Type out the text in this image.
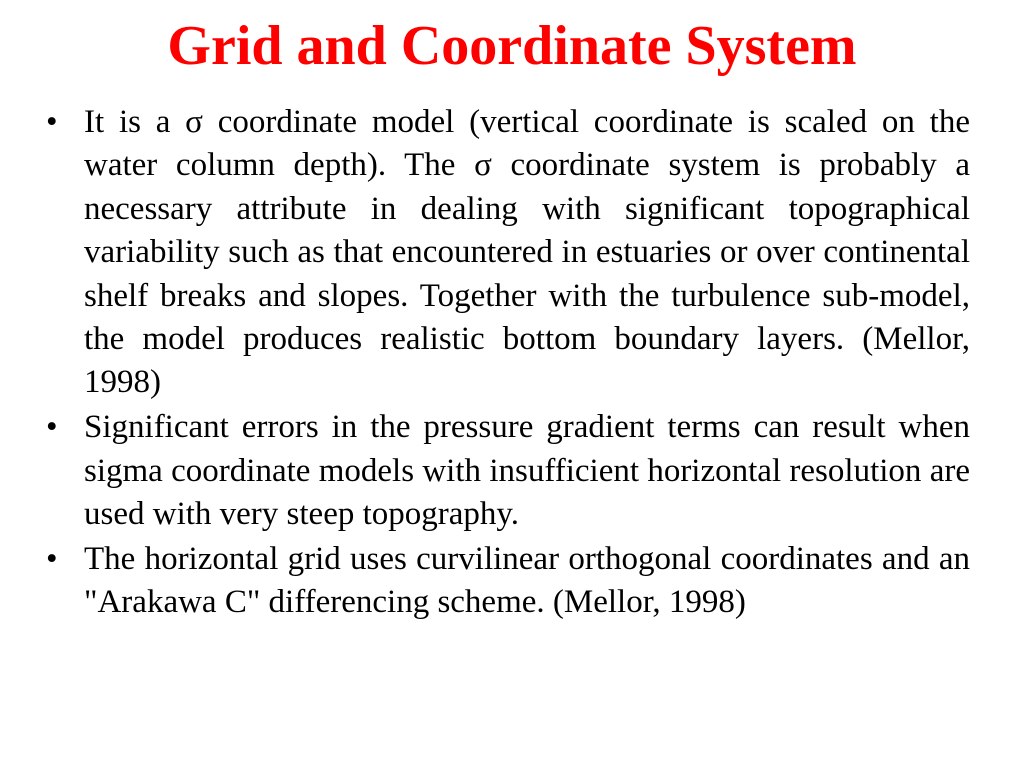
Grid and Coordinate System
• It is a σ coordinate model (vertical coordinate is scaled on the water column depth). The σ coordinate system is probably a necessary attribute in dealing with significant topographical variability such as that encountered in estuaries or over continental shelf breaks and slopes. Together with the turbulence sub-model, the model produces realistic bottom boundary layers. (Mellor, 1998)
• Significant errors in the pressure gradient terms can result when sigma coordinate models with insufficient horizontal resolution are used with very steep topography.
• The horizontal grid uses curvilinear orthogonal coordinates and an "Arakawa C" differencing scheme. (Mellor, 1998)
